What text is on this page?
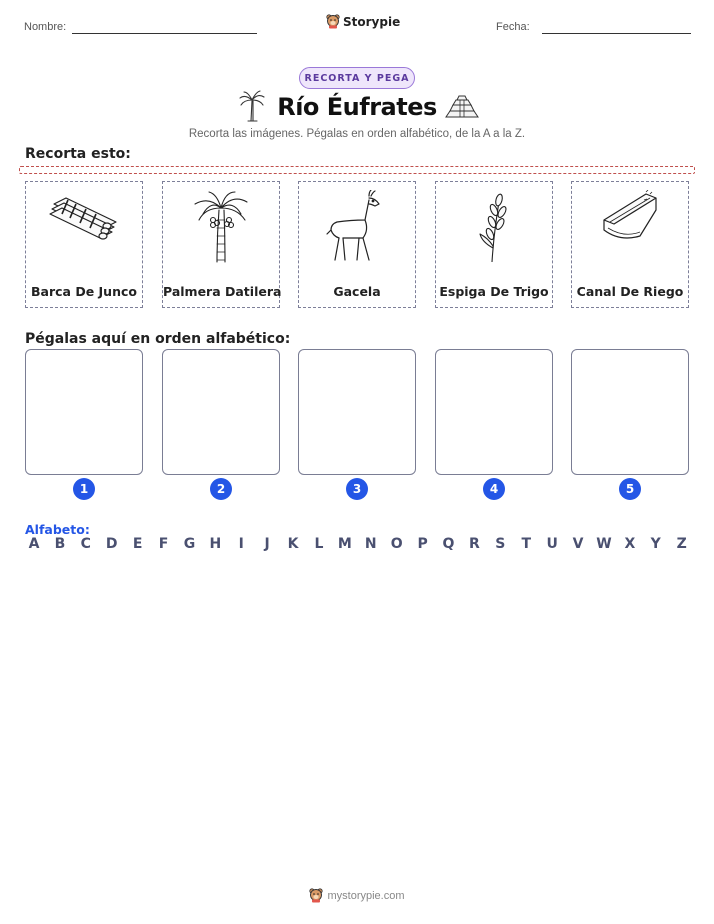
Nombre:	Storypie	Fecha:
RECORTA Y PEGA
Río Éufrates
Recorta las imágenes. Pégalas en orden alfabético, de la A a la Z.
Recorta esto:
Barca De Junco	Palmera Datilera	Gacela	Espiga De Trigo	Canal De Riego
Pégalas aquí en orden alfabético:
1	2	3	4	5
Alfabeto:
A	B	C	D	E	F	G	H	I	J	K	L	M N O	P	Q	R	S	T	U	V W X	Y	Z
mystorypie.com
